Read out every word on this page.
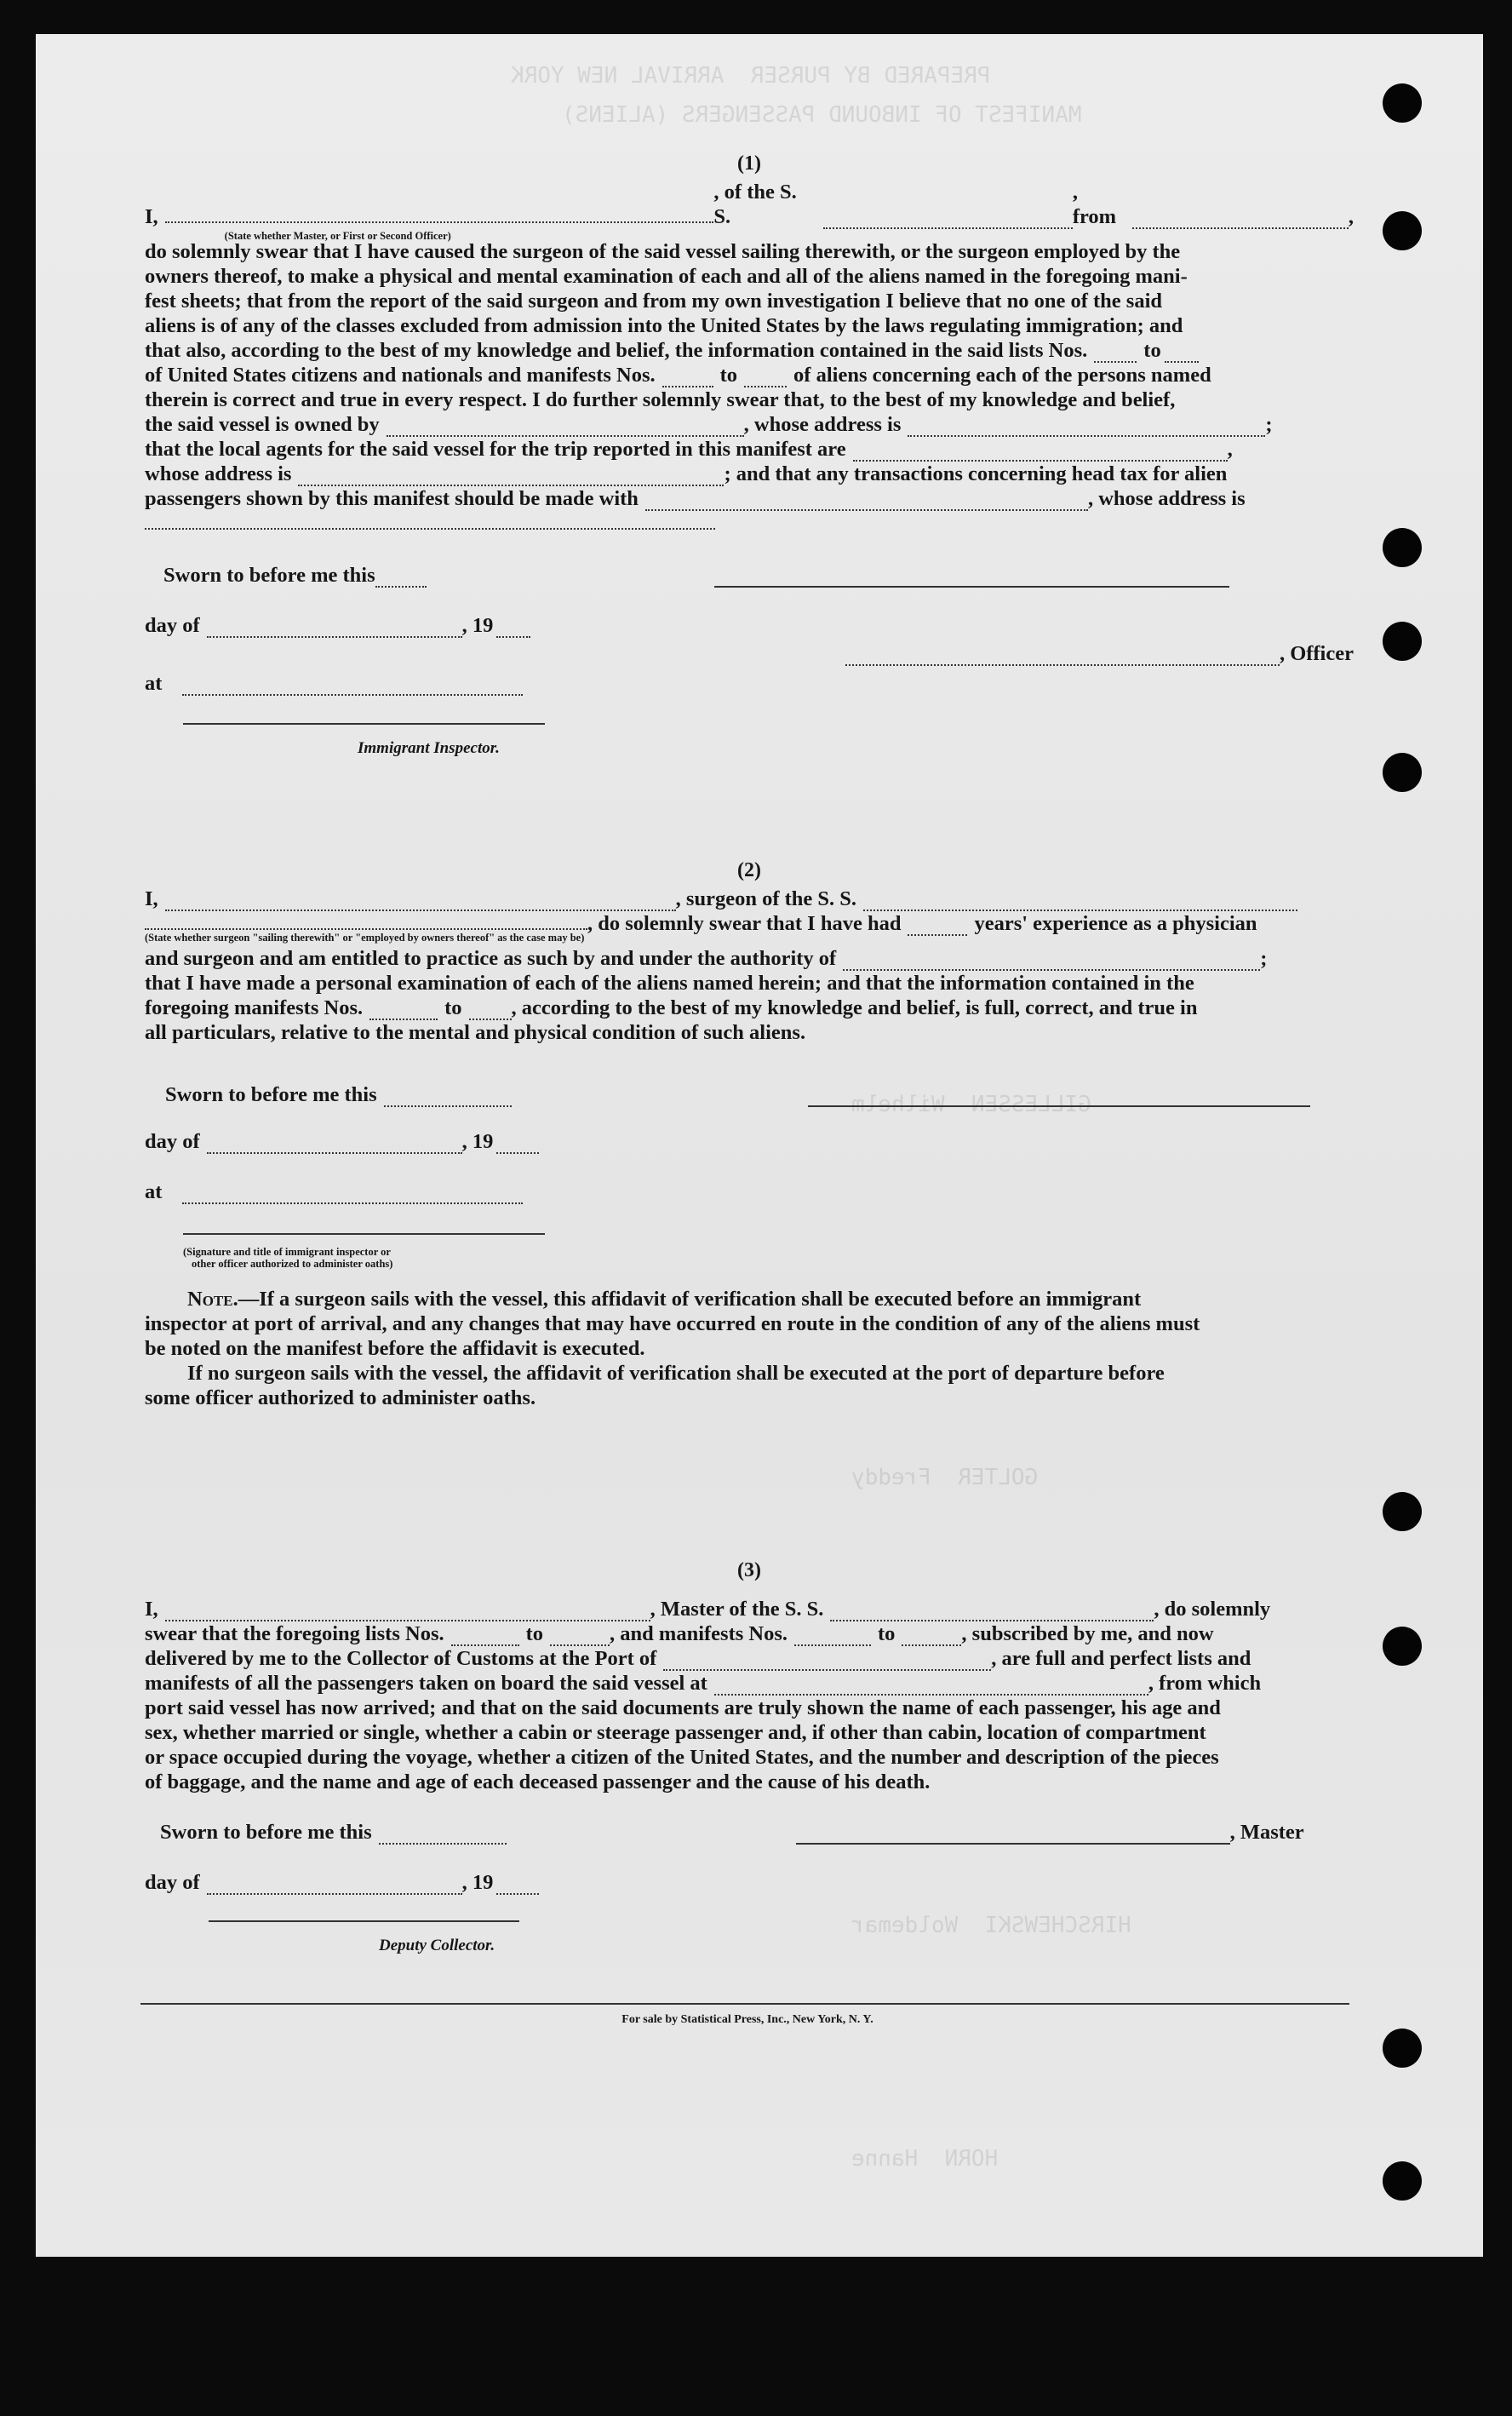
PREPARED BY PURSER  ARRIVAL NEW YORK
MANIFEST OF INBOUND PASSENGERS (ALIENS)
GILLESSEN  Wilhelm
GOLTER  Freddy
HIRSCHEWSKI  Woldemar
HORN  Hanne
(1)
I,
(State whether Master, or First or Second Officer)
, of the S. S.
, from	,
do solemnly swear that I have caused the surgeon of the said vessel sailing therewith, or the surgeon employed by the
owners thereof, to make a physical and mental examination of each and all of the aliens named in the foregoing mani-
fest sheets; that from the report of the said surgeon and from my own investigation I believe that no one of the said
aliens is of any of the classes excluded from admission into the United States by the laws regulating immigration; and
that also, according to the best of my knowledge and belief, the information contained in the said lists Nos.	to
of United States citizens and nationals and manifests Nos.	to	of aliens concerning each of the persons named
therein is correct and true in every respect. I do further solemnly swear that, to the best of my knowledge and belief,
the said vessel is owned by	, whose address is	;
that the local agents for the said vessel for the trip reported in this manifest are	,
whose address is	; and that any transactions concerning head tax for alien
passengers shown by this manifest should be made with	, whose address is
Sworn to before me this
day of	, 19
, Officer
at
Immigrant Inspector.
(2)
I,	, surgeon of the S. S.
(State whether surgeon "sailing therewith" or "employed by owners thereof" as the case may be)
, do solemnly swear that I have had	years' experience as a physician
and surgeon and am entitled to practice as such by and under the authority of	;
that I have made a personal examination of each of the aliens named herein; and that the information contained in the
foregoing manifests Nos.	to , according to the best of my knowledge and belief, is full, correct, and true in
all particulars, relative to the mental and physical condition of such aliens.
Sworn to before me this
day of	, 19
at
(Signature and title of immigrant inspector or
other officer authorized to administer oaths)
Note.—If a surgeon sails with the vessel, this affidavit of verification shall be executed before an immigrant
inspector at port of arrival, and any changes that may have occurred en route in the condition of any of the aliens must
be noted on the manifest before the affidavit is executed.
If no surgeon sails with the vessel, the affidavit of verification shall be executed at the port of departure before
some officer authorized to administer oaths.
(3)
I,	, Master of the S. S.	, do solemnly
swear that the foregoing lists Nos.	to	, and manifests Nos.	to	, subscribed by me, and now
delivered by me to the Collector of Customs at the Port of	, are full and perfect lists and
manifests of all the passengers taken on board the said vessel at	, from which
port said vessel has now arrived; and that on the said documents are truly shown the name of each passenger, his age and
sex, whether married or single, whether a cabin or steerage passenger and, if other than cabin, location of compartment
or space occupied during the voyage, whether a citizen of the United States, and the number and description of the pieces
of baggage, and the name and age of each deceased passenger and the cause of his death.
Sworn to before me this	, Master
day of	, 19
Deputy Collector.
For sale by Statistical Press, Inc., New York, N. Y.
